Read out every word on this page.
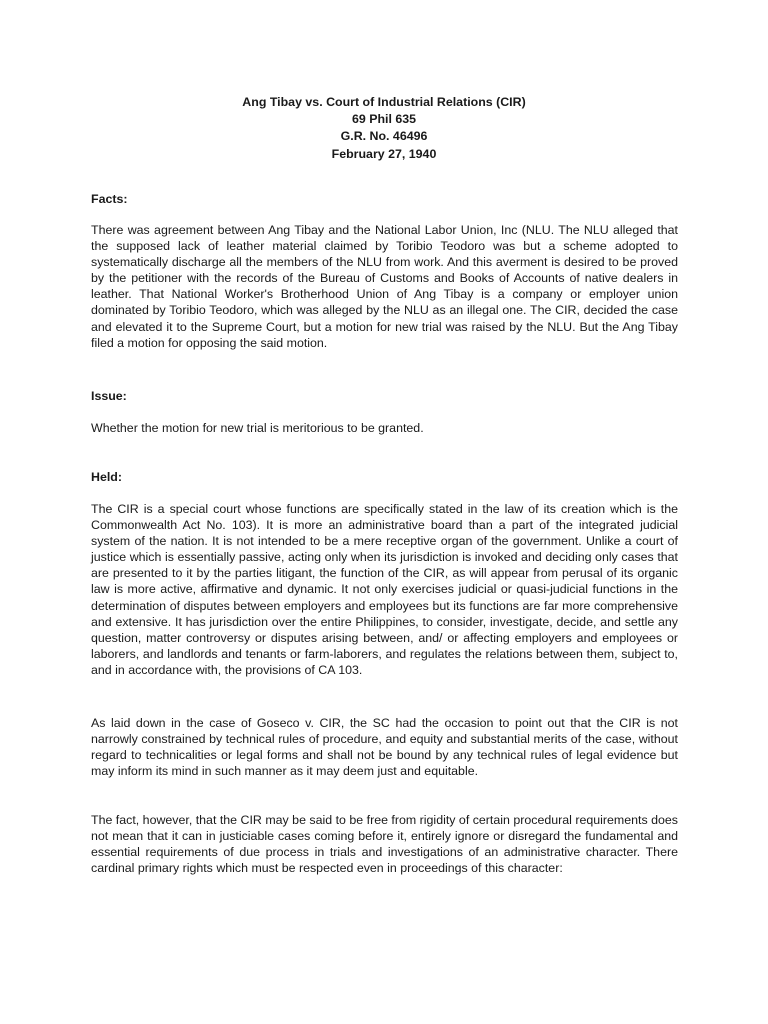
Ang Tibay vs. Court of Industrial Relations (CIR)
69 Phil 635
G.R. No. 46496
February 27, 1940
Facts:

There was agreement between Ang Tibay and the National Labor Union, Inc (NLU. The NLU alleged that the supposed lack of leather material claimed by Toribio Teodoro was but a scheme adopted to systematically discharge all the members of the NLU from work. And this averment is desired to be proved by the petitioner with the records of the Bureau of Customs and Books of Accounts of native dealers in leather. That National Worker's Brotherhood Union of Ang Tibay is a company or employer union dominated by Toribio Teodoro, which was alleged by the NLU as an illegal one. The CIR, decided the case and elevated it to the Supreme Court, but a motion for new trial was raised by the NLU. But the Ang Tibay filed a motion for opposing the said motion.

Issue:

Whether the motion for new trial is meritorious to be granted.

Held:

The CIR is a special court whose functions are specifically stated in the law of its creation which is the Commonwealth Act No. 103). It is more an administrative board than a part of the integrated judicial system of the nation. It is not intended to be a mere receptive organ of the government. Unlike a court of justice which is essentially passive, acting only when its jurisdiction is invoked and deciding only cases that are presented to it by the parties litigant, the function of the CIR, as will appear from perusal of its organic law is more active, affirmative and dynamic. It not only exercises judicial or quasi-judicial functions in the determination of disputes between employers and employees but its functions are far more comprehensive and extensive. It has jurisdiction over the entire Philippines, to consider, investigate, decide, and settle any question, matter controversy or disputes arising between, and/ or affecting employers and employees or laborers, and landlords and tenants or farm-laborers, and regulates the relations between them, subject to, and in accordance with, the provisions of CA 103.

As laid down in the case of Goseco v. CIR, the SC had the occasion to point out that the CIR is not narrowly constrained by technical rules of procedure, and equity and substantial merits of the case, without regard to technicalities or legal forms and shall not be bound by any technical rules of legal evidence but may inform its mind in such manner as it may deem just and equitable.

The fact, however, that the CIR may be said to be free from rigidity of certain procedural requirements does not mean that it can in justiciable cases coming before it, entirely ignore or disregard the fundamental and essential requirements of due process in trials and investigations of an administrative character. There cardinal primary rights which must be respected even in proceedings of this character:
